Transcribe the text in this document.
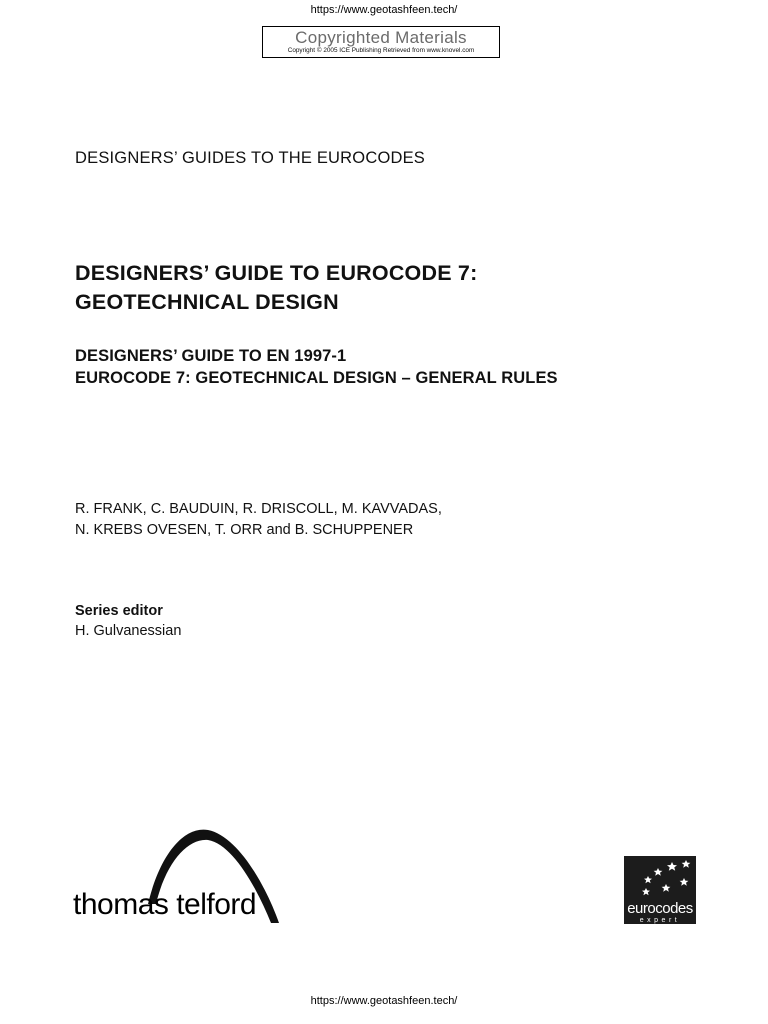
https://www.geotashfeen.tech/
Copyrighted Materials
Copyright © 2005 ICE Publishing Retrieved from www.knovel.com
DESIGNERS’ GUIDES TO THE EUROCODES
DESIGNERS’ GUIDE TO EUROCODE 7:
GEOTECHNICAL DESIGN
DESIGNERS’ GUIDE TO EN 1997-1
EUROCODE 7: GEOTECHNICAL DESIGN – GENERAL RULES
R. FRANK, C. BAUDUIN, R. DRISCOLL, M. KAVVADAS,
N. KREBS OVESEN, T. ORR and B. SCHUPPENER
Series editor
H. Gulvanessian
thomas telford	eurocodes
expert
https://www.geotashfeen.tech/
